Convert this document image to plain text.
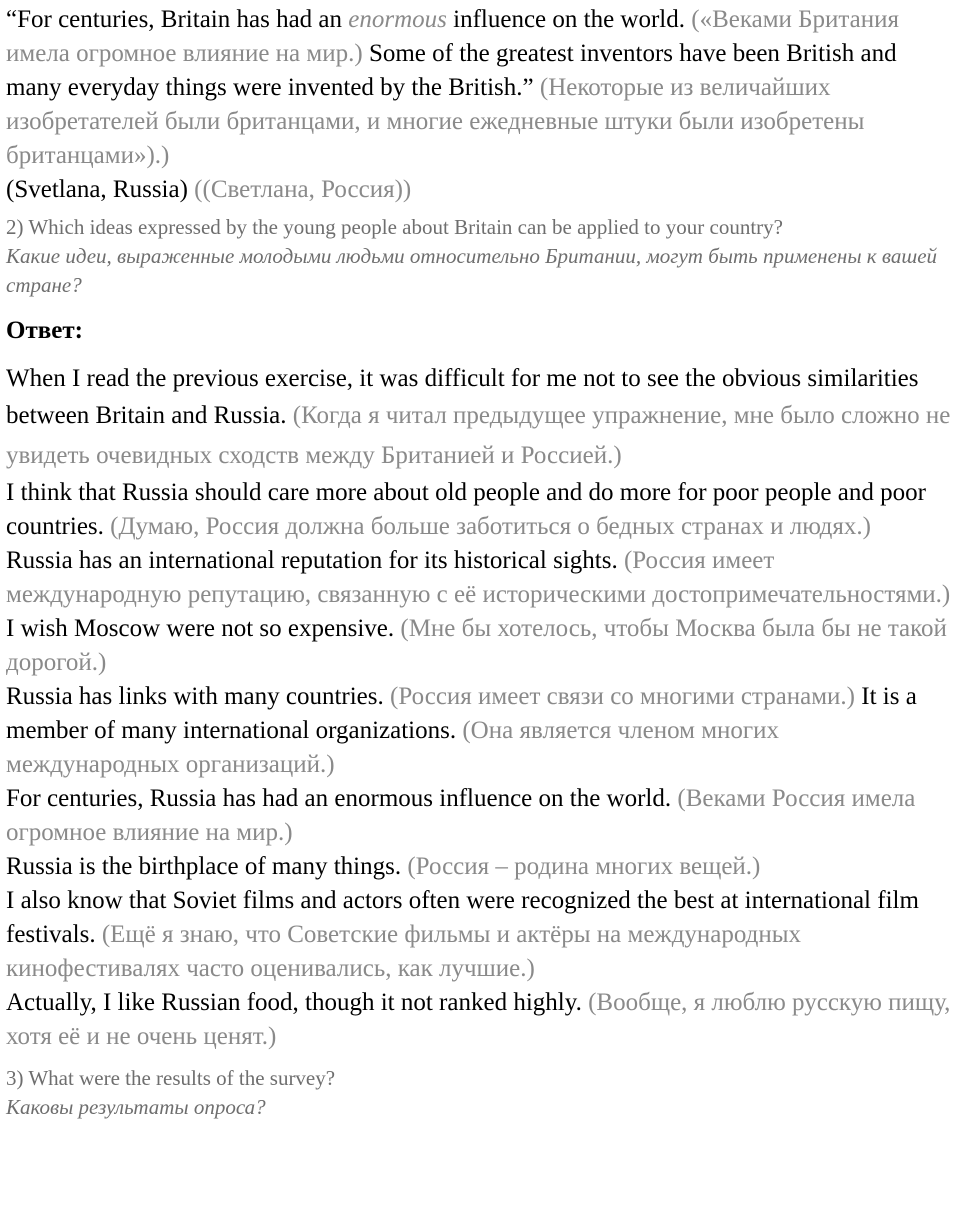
“For centuries, Britain has had an enormous influence on the world. («Веками Британия имела огромное влияние на мир.) Some of the greatest inventors have been British and many everyday things were invented by the British.” (Некоторые из величайших изобретателей были британцами, и многие ежедневные штуки были изобретены британцами»).)
(Svetlana, Russia) ((Светлана, Россия))

2) Which ideas expressed by the young people about Britain can be applied to your country?
Какие идеи, выраженные молодыми людьми относительно Британии, могут быть применены к вашей стране?

Ответ:

When I read the previous exercise, it was difficult for me not to see the obvious similarities between Britain and Russia. (Когда я читал предыдущее упражнение, мне было сложно не увидеть очевидных сходств между Британией и Россией.)

I think that Russia should care more about old people and do more for poor people and poor countries. (Думаю, Россия должна больше заботиться о бедных странах и людях.)

Russia has an international reputation for its historical sights. (Россия имеет международную репутацию, связанную с её историческими достопримечательностями.)

I wish Moscow were not so expensive. (Мне бы хотелось, чтобы Москва была бы не такой дорогой.)

Russia has links with many countries. (Россия имеет связи со многими странами.) It is a member of many international organizations. (Она является членом многих международных организаций.)

For centuries, Russia has had an enormous influence on the world. (Веками Россия имела огромное влияние на мир.)

Russia is the birthplace of many things. (Россия – родина многих вещей.)

I also know that Soviet films and actors often were recognized the best at international film festivals. (Ещё я знаю, что Советские фильмы и актёры на международных кинофестивалях часто оценивались, как лучшие.)

Actually, I like Russian food, though it not ranked highly. (Вообще, я люблю русскую пищу, хотя её и не очень ценят.)

3) What were the results of the survey?
Каковы результаты опроса?
